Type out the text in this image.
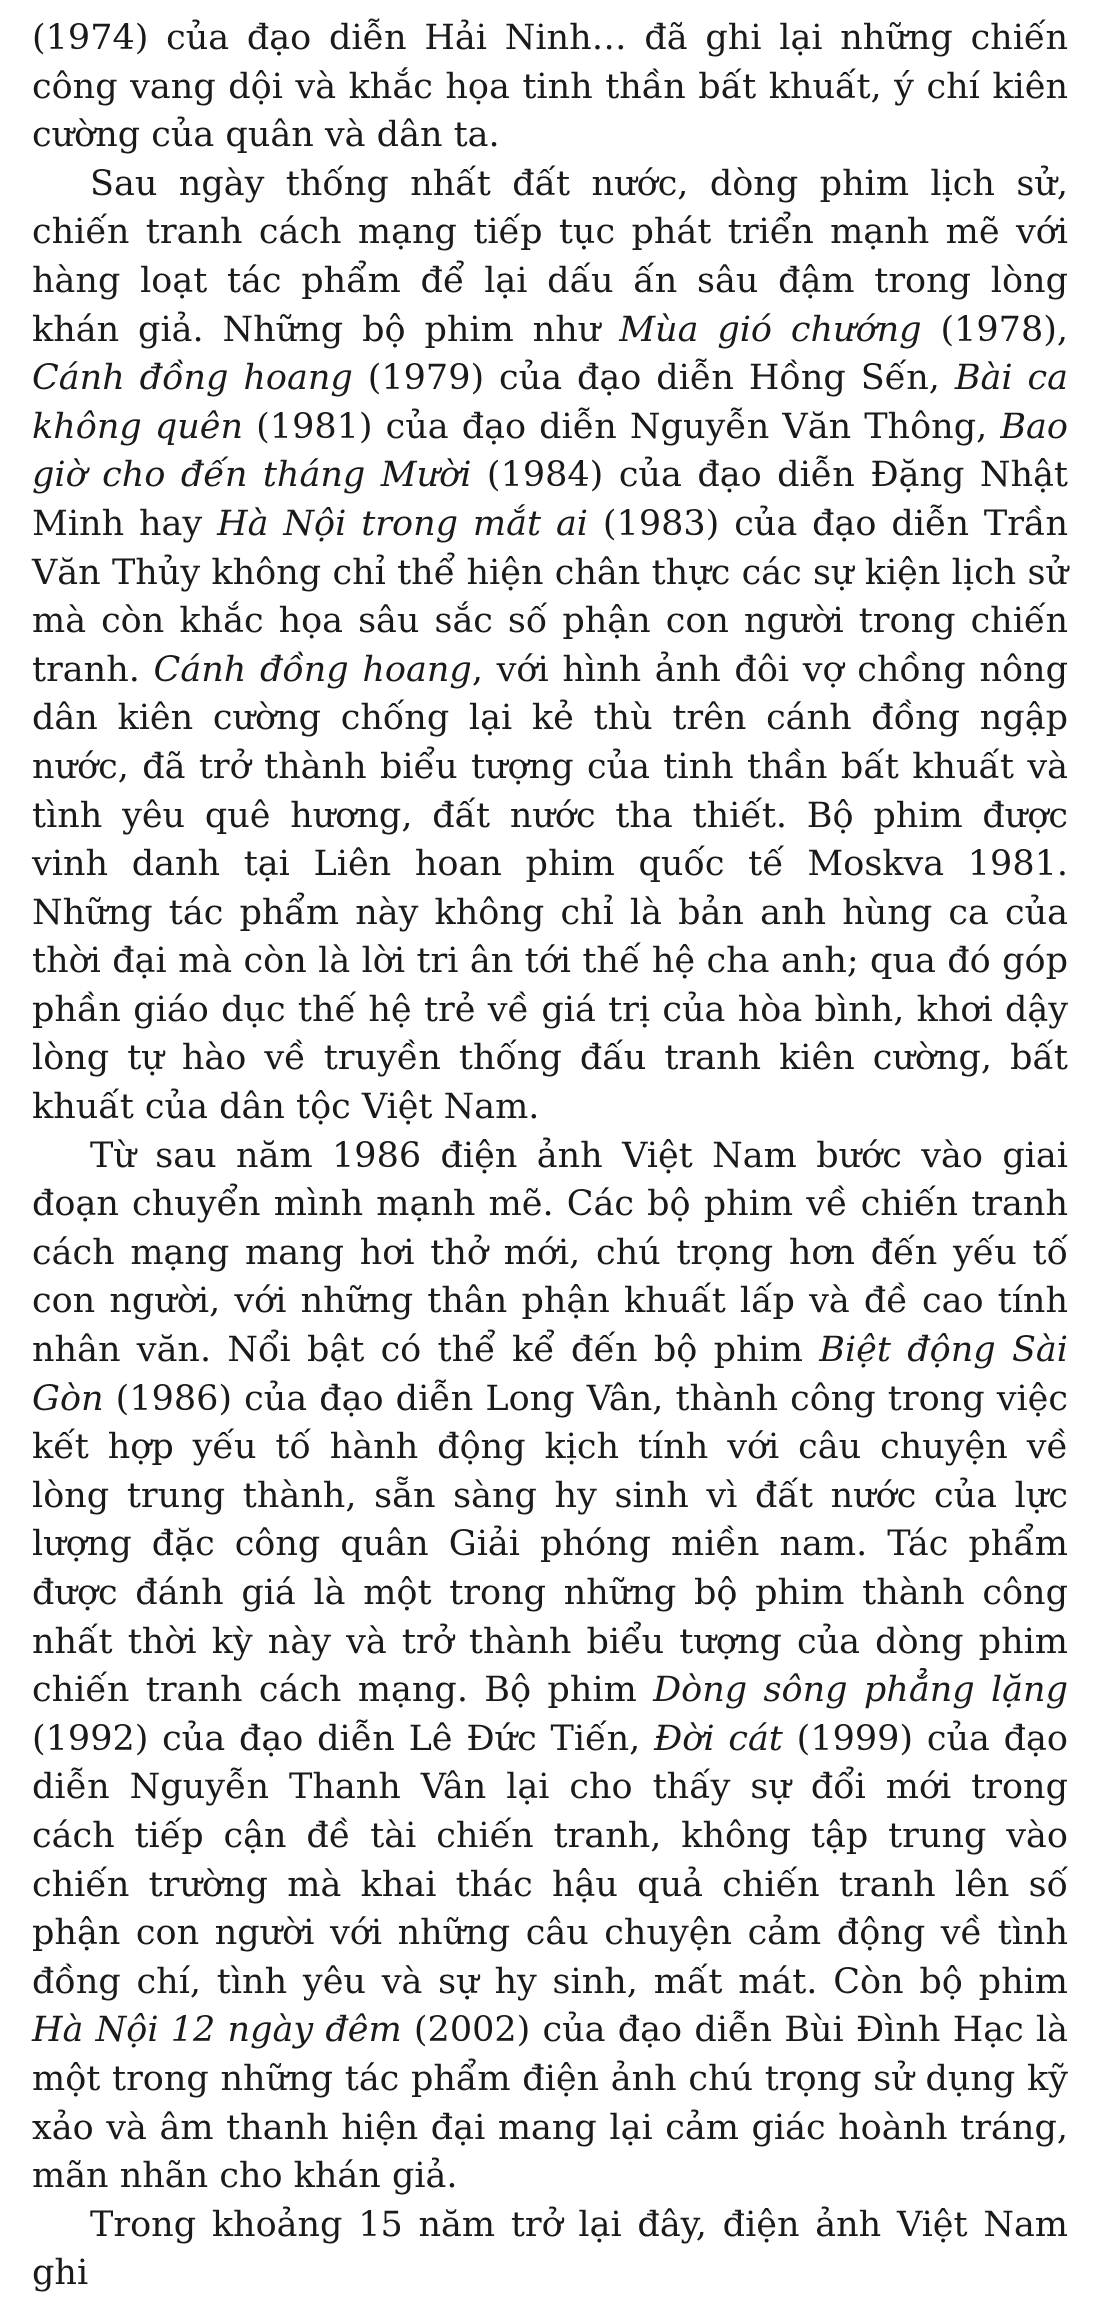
(1974) của đạo diễn Hải Ninh… đã ghi lại những chiến công vang dội và khắc họa tinh thần bất khuất, ý chí kiên cường của quân và dân ta.

Sau ngày thống nhất đất nước, dòng phim lịch sử, chiến tranh cách mạng tiếp tục phát triển mạnh mẽ với hàng loạt tác phẩm để lại dấu ấn sâu đậm trong lòng khán giả. Những bộ phim như Mùa gió chướng (1978), Cánh đồng hoang (1979) của đạo diễn Hồng Sến, Bài ca không quên (1981) của đạo diễn Nguyễn Văn Thông, Bao giờ cho đến tháng Mười (1984) của đạo diễn Đặng Nhật Minh hay Hà Nội trong mắt ai (1983) của đạo diễn Trần Văn Thủy không chỉ thể hiện chân thực các sự kiện lịch sử mà còn khắc họa sâu sắc số phận con người trong chiến tranh. Cánh đồng hoang, với hình ảnh đôi vợ chồng nông dân kiên cường chống lại kẻ thù trên cánh đồng ngập nước, đã trở thành biểu tượng của tinh thần bất khuất và tình yêu quê hương, đất nước tha thiết. Bộ phim được vinh danh tại Liên hoan phim quốc tế Moskva 1981. Những tác phẩm này không chỉ là bản anh hùng ca của thời đại mà còn là lời tri ân tới thế hệ cha anh; qua đó góp phần giáo dục thế hệ trẻ về giá trị của hòa bình, khơi dậy lòng tự hào về truyền thống đấu tranh kiên cường, bất khuất của dân tộc Việt Nam.

Từ sau năm 1986 điện ảnh Việt Nam bước vào giai đoạn chuyển mình mạnh mẽ. Các bộ phim về chiến tranh cách mạng mang hơi thở mới, chú trọng hơn đến yếu tố con người, với những thân phận khuất lấp và đề cao tính nhân văn. Nổi bật có thể kể đến bộ phim Biệt động Sài Gòn (1986) của đạo diễn Long Vân, thành công trong việc kết hợp yếu tố hành động kịch tính với câu chuyện về lòng trung thành, sẵn sàng hy sinh vì đất nước của lực lượng đặc công quân Giải phóng miền nam. Tác phẩm được đánh giá là một trong những bộ phim thành công nhất thời kỳ này và trở thành biểu tượng của dòng phim chiến tranh cách mạng. Bộ phim Dòng sông phẳng lặng (1992) của đạo diễn Lê Đức Tiến, Đời cát (1999) của đạo diễn Nguyễn Thanh Vân lại cho thấy sự đổi mới trong cách tiếp cận đề tài chiến tranh, không tập trung vào chiến trường mà khai thác hậu quả chiến tranh lên số phận con người với những câu chuyện cảm động về tình đồng chí, tình yêu và sự hy sinh, mất mát. Còn bộ phim Hà Nội 12 ngày đêm (2002) của đạo diễn Bùi Đình Hạc là một trong những tác phẩm điện ảnh chú trọng sử dụng kỹ xảo và âm thanh hiện đại mang lại cảm giác hoành tráng, mãn nhãn cho khán giả.

Trong khoảng 15 năm trở lại đây, điện ảnh Việt Nam ghi
